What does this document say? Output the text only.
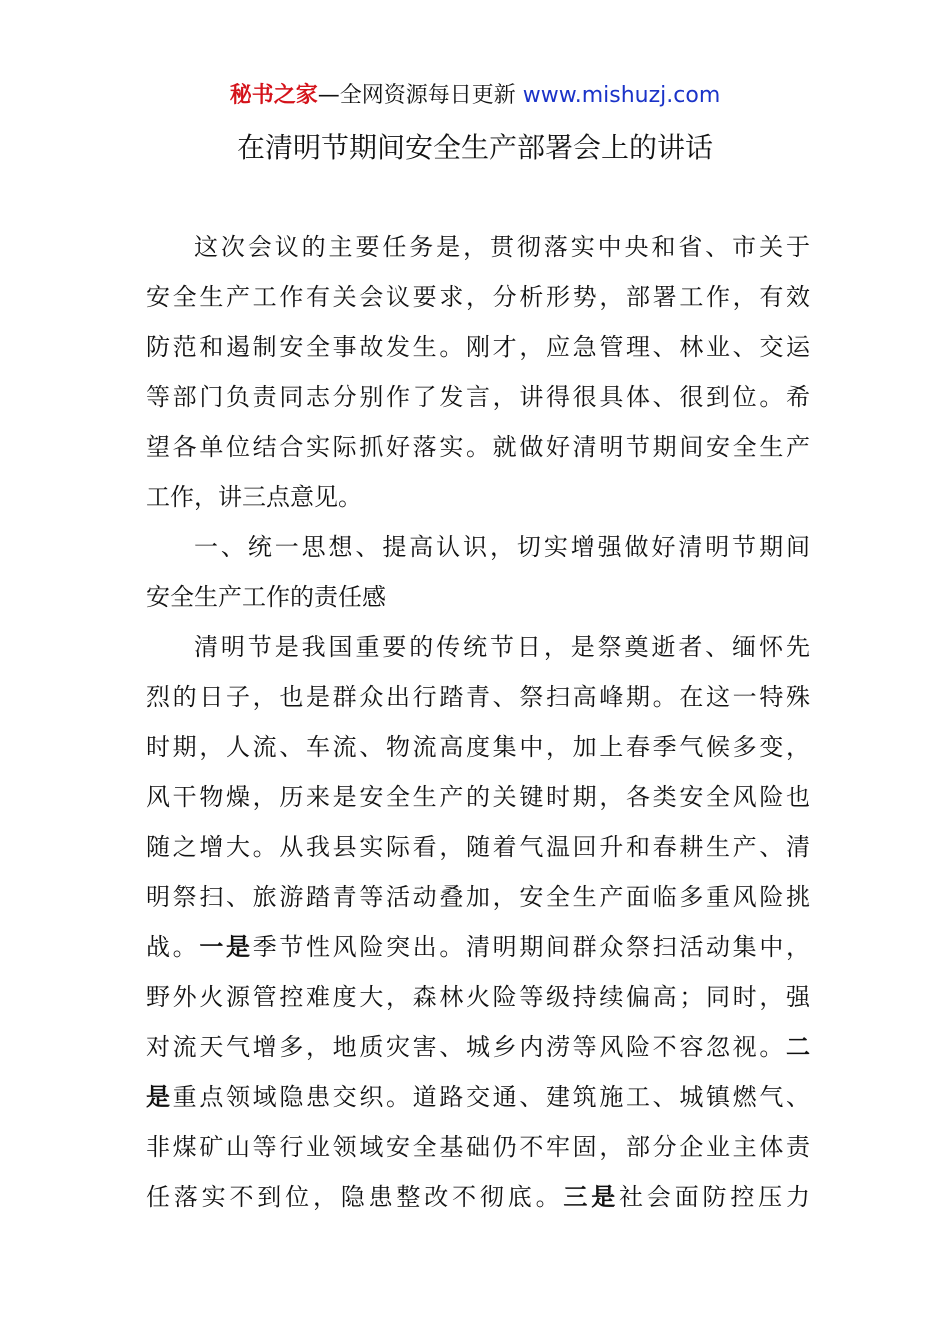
秘书之家—全网资源每日更新 www.mishuzj.com
在清明节期间安全生产部署会上的讲话

这次会议的主要任务是，贯彻落实中央和省、市关于
安全生产工作有关会议要求，分析形势，部署工作，有效
防范和遏制安全事故发生。刚才，应急管理、林业、交运
等部门负责同志分别作了发言，讲得很具体、很到位。希
望各单位结合实际抓好落实。就做好清明节期间安全生产
工作，讲三点意见。

一、统一思想、提高认识，切实增强做好清明节期间
安全生产工作的责任感

清明节是我国重要的传统节日，是祭奠逝者、缅怀先
烈的日子，也是群众出行踏青、祭扫高峰期。在这一特殊
时期，人流、车流、物流高度集中，加上春季气候多变，
风干物燥，历来是安全生产的关键时期，各类安全风险也
随之增大。从我县实际看，随着气温回升和春耕生产、清
明祭扫、旅游踏青等活动叠加，安全生产面临多重风险挑
战。一是季节性风险突出。清明期间群众祭扫活动集中，
野外火源管控难度大，森林火险等级持续偏高；同时，强
对流天气增多，地质灾害、城乡内涝等风险不容忽视。二
是重点领域隐患交织。道路交通、建筑施工、城镇燃气、
非煤矿山等行业领域安全基础仍不牢固，部分企业主体责
任落实不到位，隐患整改不彻底。三是社会面防控压力
